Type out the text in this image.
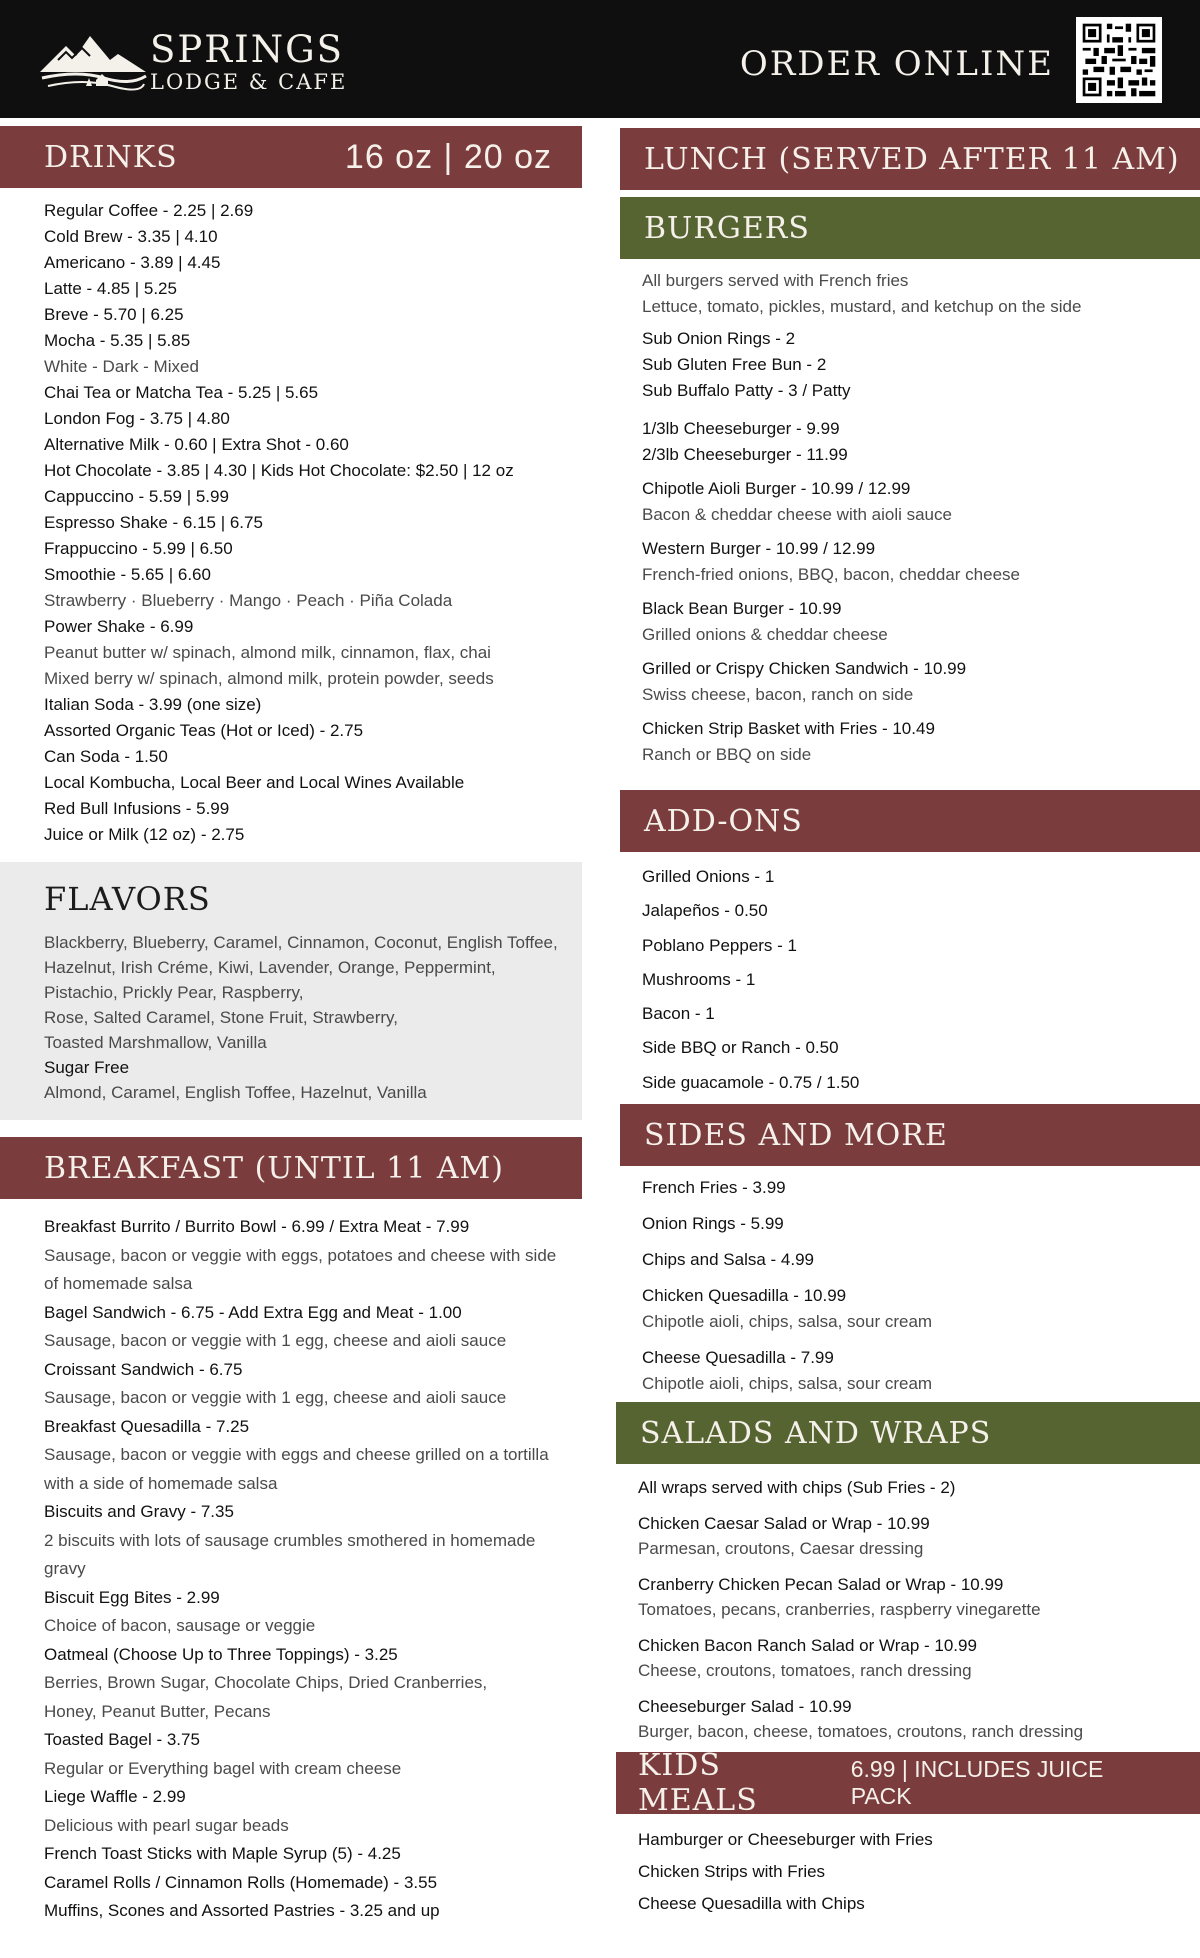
SPRINGS
LODGE & CAFE	ORDER ONLINE
DRINKS	16 oz | 20 oz
Regular Coffee - 2.25 | 2.69
Cold Brew - 3.35 | 4.10
Americano - 3.89 | 4.45
Latte - 4.85 | 5.25
Breve - 5.70 | 6.25
Mocha - 5.35 | 5.85
White - Dark - Mixed
Chai Tea or Matcha Tea - 5.25 | 5.65
London Fog - 3.75 | 4.80
Alternative Milk - 0.60 | Extra Shot - 0.60
Hot Chocolate - 3.85 | 4.30 | Kids Hot Chocolate: $2.50 | 12 oz
Cappuccino - 5.59 | 5.99
Espresso Shake - 6.15 | 6.75
Frappuccino - 5.99 | 6.50
Smoothie - 5.65 | 6.60
Strawberry · Blueberry · Mango · Peach · Piña Colada
Power Shake - 6.99
Peanut butter w/ spinach, almond milk, cinnamon, flax, chai
Mixed berry w/ spinach, almond milk, protein powder, seeds
Italian Soda - 3.99 (one size)
Assorted Organic Teas (Hot or Iced) - 2.75
Can Soda - 1.50
Local Kombucha, Local Beer and Local Wines Available
Red Bull Infusions - 5.99
Juice or Milk (12 oz) - 2.75
FLAVORS
Blackberry, Blueberry, Caramel, Cinnamon, Coconut, English Toffee,
Hazelnut, Irish Créme, Kiwi, Lavender, Orange, Peppermint,
Pistachio, Prickly Pear, Raspberry,
Rose, Salted Caramel, Stone Fruit, Strawberry,
Toasted Marshmallow, Vanilla
Sugar Free
Almond, Caramel, English Toffee, Hazelnut, Vanilla
BREAKFAST (UNTIL 11 AM)
Breakfast Burrito / Burrito Bowl - 6.99 / Extra Meat - 7.99
Sausage, bacon or veggie with eggs, potatoes and cheese with side
of homemade salsa
Bagel Sandwich - 6.75 - Add Extra Egg and Meat - 1.00
Sausage, bacon or veggie with 1 egg, cheese and aioli sauce
Croissant Sandwich - 6.75
Sausage, bacon or veggie with 1 egg, cheese and aioli sauce
Breakfast Quesadilla - 7.25
Sausage, bacon or veggie with eggs and cheese grilled on a tortilla
with a side of homemade salsa
Biscuits and Gravy - 7.35
2 biscuits with lots of sausage crumbles smothered in homemade
gravy
Biscuit Egg Bites - 2.99
Choice of bacon, sausage or veggie
Oatmeal (Choose Up to Three Toppings) - 3.25
Berries, Brown Sugar, Chocolate Chips, Dried Cranberries,
Honey, Peanut Butter, Pecans
Toasted Bagel - 3.75
Regular or Everything bagel with cream cheese
Liege Waffle - 2.99
Delicious with pearl sugar beads
French Toast Sticks with Maple Syrup (5) - 4.25
Caramel Rolls / Cinnamon Rolls (Homemade) - 3.55
Muffins, Scones and Assorted Pastries - 3.25 and up
LUNCH (SERVED AFTER 11 AM)
BURGERS
All burgers served with French fries
Lettuce, tomato, pickles, mustard, and ketchup on the side
Sub Onion Rings - 2
Sub Gluten Free Bun - 2
Sub Buffalo Patty - 3 / Patty
1/3lb Cheeseburger - 9.99
2/3lb Cheeseburger - 11.99
Chipotle Aioli Burger - 10.99 / 12.99
Bacon & cheddar cheese with aioli sauce
Western Burger - 10.99 / 12.99
French-fried onions, BBQ, bacon, cheddar cheese
Black Bean Burger - 10.99
Grilled onions & cheddar cheese
Grilled or Crispy Chicken Sandwich - 10.99
Swiss cheese, bacon, ranch on side
Chicken Strip Basket with Fries - 10.49
Ranch or BBQ on side
ADD-ONS
Grilled Onions - 1
Jalapeños - 0.50
Poblano Peppers - 1
Mushrooms - 1
Bacon - 1
Side BBQ or Ranch - 0.50
Side guacamole - 0.75 / 1.50
SIDES AND MORE
French Fries - 3.99
Onion Rings - 5.99
Chips and Salsa - 4.99
Chicken Quesadilla - 10.99
Chipotle aioli, chips, salsa, sour cream
Cheese Quesadilla - 7.99
Chipotle aioli, chips, salsa, sour cream
SALADS AND WRAPS
All wraps served with chips (Sub Fries - 2)
Chicken Caesar Salad or Wrap - 10.99
Parmesan, croutons, Caesar dressing
Cranberry Chicken Pecan Salad or Wrap - 10.99
Tomatoes, pecans, cranberries, raspberry vinegarette
Chicken Bacon Ranch Salad or Wrap - 10.99
Cheese, croutons, tomatoes, ranch dressing
Cheeseburger Salad - 10.99
Burger, bacon, cheese, tomatoes, croutons, ranch dressing
KIDS MEALS
6.99 | INCLUDES JUICE PACK
Hamburger or Cheeseburger with Fries
Chicken Strips with Fries
Cheese Quesadilla with Chips
